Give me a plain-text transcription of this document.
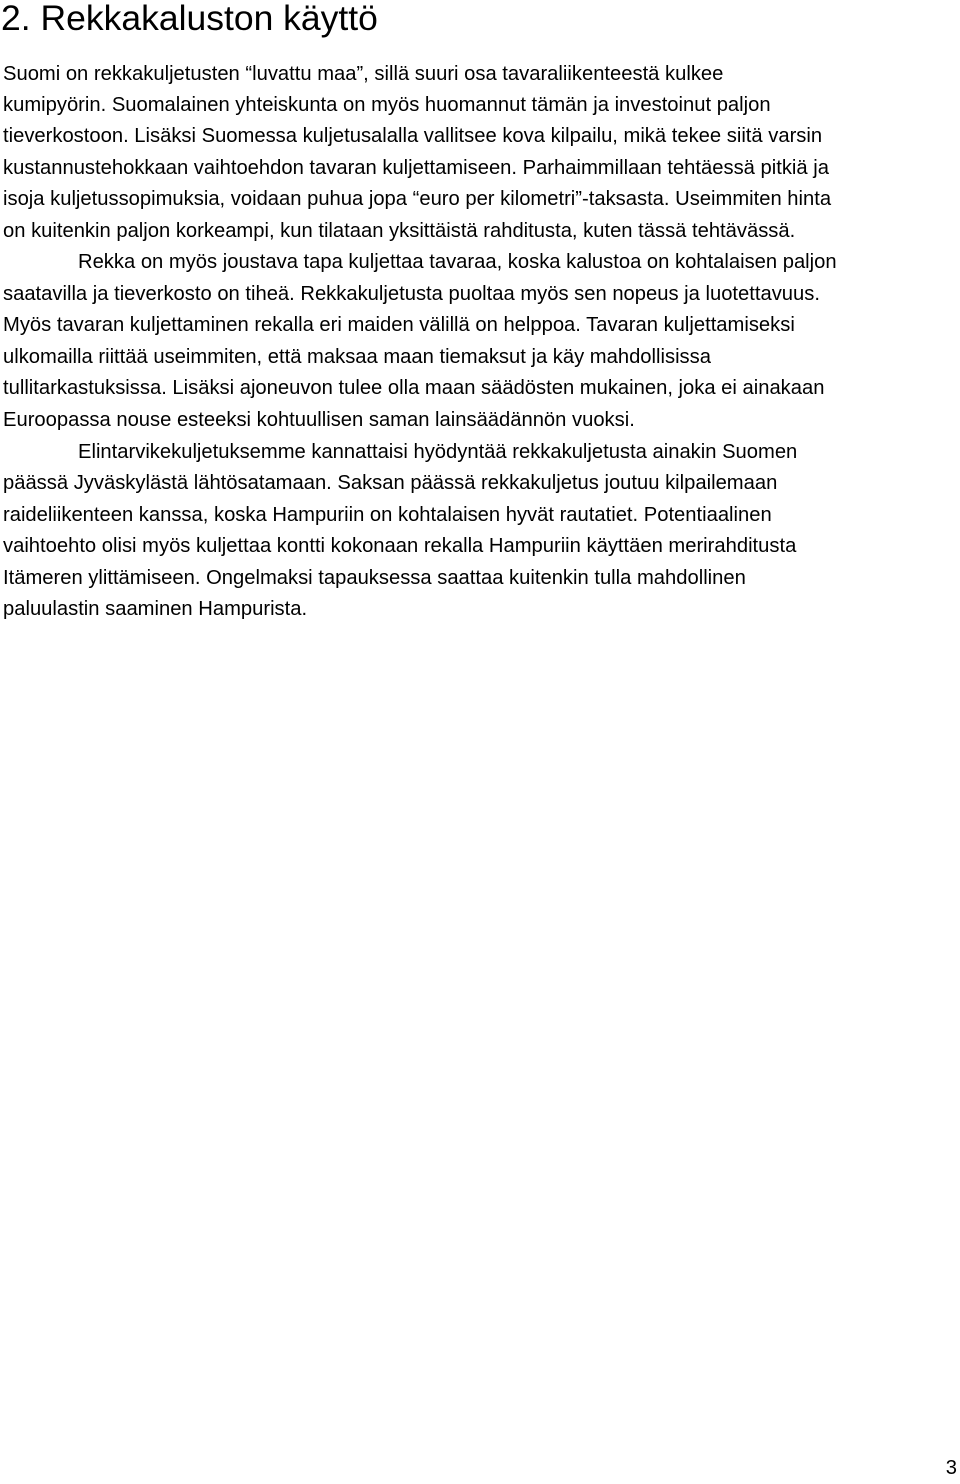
2. Rekkakaluston käyttö

Suomi on rekkakuljetusten “luvattu maa”, sillä suuri osa tavaraliikenteestä kulkee

kumipyörin. Suomalainen yhteiskunta on myös huomannut tämän ja investoinut paljon

tieverkostoon. Lisäksi Suomessa kuljetusalalla vallitsee kova kilpailu, mikä tekee siitä varsin

kustannustehokkaan vaihtoehdon tavaran kuljettamiseen. Parhaimmillaan tehtäessä pitkiä ja

isoja kuljetussopimuksia, voidaan puhua jopa “euro per kilometri”-taksasta. Useimmiten hinta

on kuitenkin paljon korkeampi, kun tilataan yksittäistä rahditusta, kuten tässä tehtävässä.

Rekka on myös joustava tapa kuljettaa tavaraa, koska kalustoa on kohtalaisen paljon

saatavilla ja tieverkosto on tiheä. Rekkakuljetusta puoltaa myös sen nopeus ja luotettavuus.

Myös tavaran kuljettaminen rekalla eri maiden välillä on helppoa. Tavaran kuljettamiseksi

ulkomailla riittää useimmiten, että maksaa maan tiemaksut ja käy mahdollisissa

tullitarkastuksissa. Lisäksi ajoneuvon tulee olla maan säädösten mukainen, joka ei ainakaan

Euroopassa nouse esteeksi kohtuullisen saman lainsäädännön vuoksi.

Elintarvikekuljetuksemme kannattaisi hyödyntää rekkakuljetusta ainakin Suomen

päässä Jyväskylästä lähtösatamaan. Saksan päässä rekkakuljetus joutuu kilpailemaan

raideliikenteen kanssa, koska Hampuriin on kohtalaisen hyvät rautatiet. Potentiaalinen

vaihtoehto olisi myös kuljettaa kontti kokonaan rekalla Hampuriin käyttäen merirahditusta

Itämeren ylittämiseen. Ongelmaksi tapauksessa saattaa kuitenkin tulla mahdollinen

paluulastin saaminen Hampurista.

3
